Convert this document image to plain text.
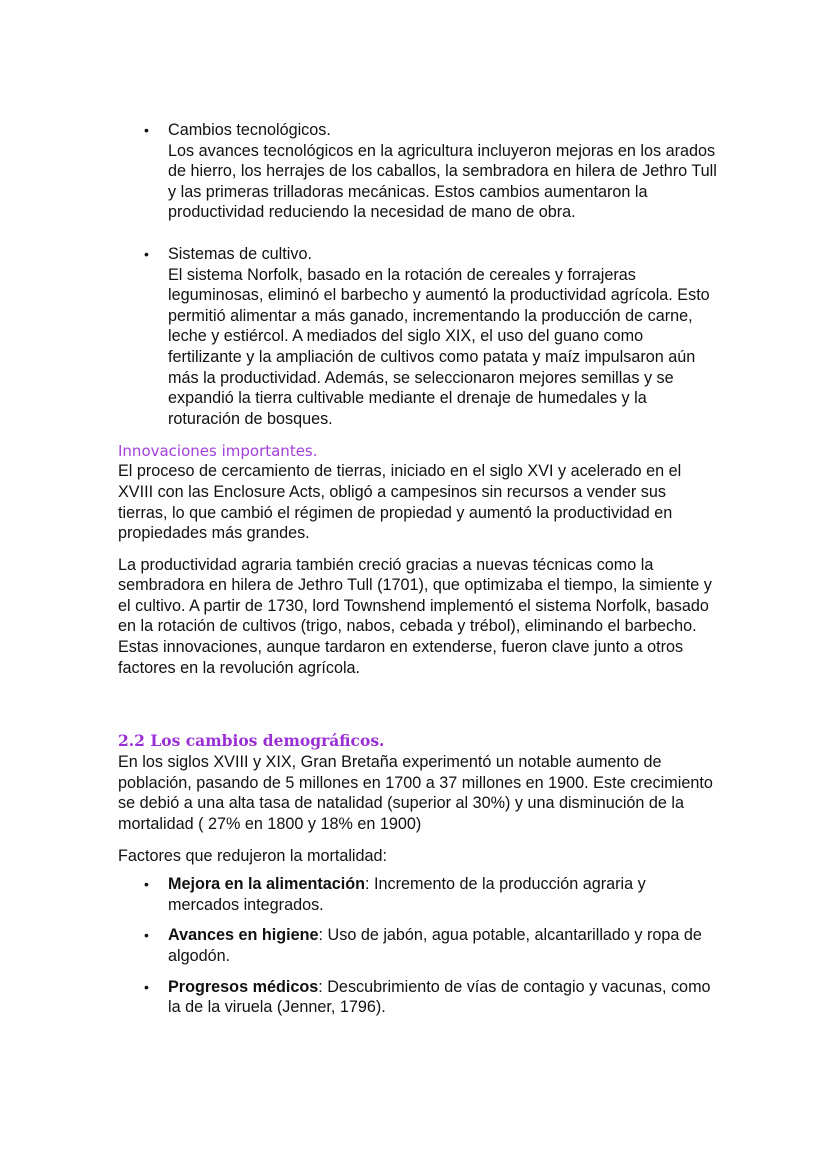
• Cambios tecnológicos.

Los avances tecnológicos en la agricultura incluyeron mejoras en los arados de hierro, los herrajes de los caballos, la sembradora en hilera de Jethro Tull y las primeras trilladoras mecánicas. Estos cambios aumentaron la productividad reduciendo la necesidad de mano de obra.

• Sistemas de cultivo.

El sistema Norfolk, basado en la rotación de cereales y forrajeras leguminosas, eliminó el barbecho y aumentó la productividad agrícola. Esto permitió alimentar a más ganado, incrementando la producción de carne, leche y estiércol. A mediados del siglo XIX, el uso del guano como fertilizante y la ampliación de cultivos como patata y maíz impulsaron aún más la productividad. Además, se seleccionaron mejores semillas y se expandió la tierra cultivable mediante el drenaje de humedales y la roturación de bosques.

Innovaciones importantes.

El proceso de cercamiento de tierras, iniciado en el siglo XVI y acelerado en el XVIII con las Enclosure Acts, obligó a campesinos sin recursos a vender sus tierras, lo que cambió el régimen de propiedad y aumentó la productividad en propiedades más grandes.

La productividad agraria también creció gracias a nuevas técnicas como la sembradora en hilera de Jethro Tull (1701), que optimizaba el tiempo, la simiente y el cultivo. A partir de 1730, lord Townshend implementó el sistema Norfolk, basado en la rotación de cultivos (trigo, nabos, cebada y trébol), eliminando el barbecho. Estas innovaciones, aunque tardaron en extenderse, fueron clave junto a otros factores en la revolución agrícola.

2.2 Los cambios demográficos.

En los siglos XVIII y XIX, Gran Bretaña experimentó un notable aumento de población, pasando de 5 millones en 1700 a 37 millones en 1900. Este crecimiento se debió a una alta tasa de natalidad (superior al 30%) y una disminución de la mortalidad ( 27% en 1800 y 18% en 1900)

Factores que redujeron la mortalidad:

• Mejora en la alimentación: Incremento de la producción agraria y mercados integrados.
• Avances en higiene: Uso de jabón, agua potable, alcantarillado y ropa de algodón.
• Progresos médicos: Descubrimiento de vías de contagio y vacunas, como la de la viruela (Jenner, 1796).
